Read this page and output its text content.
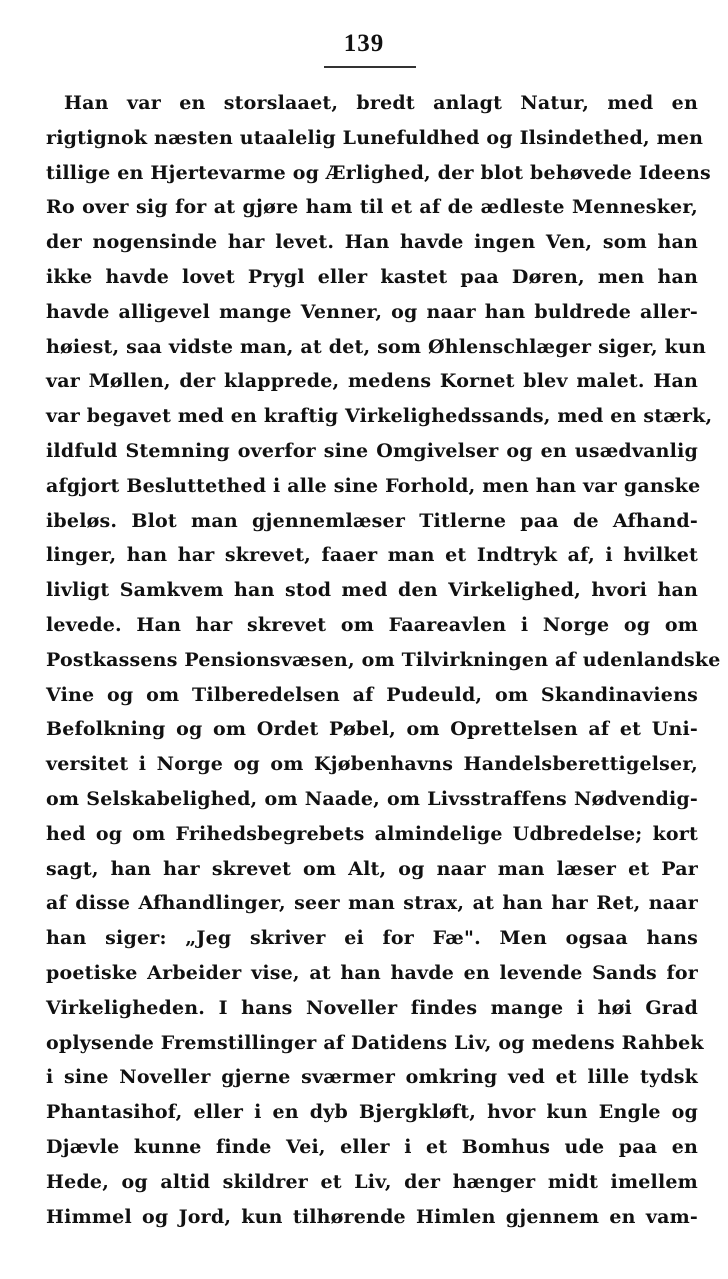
139
Han var en storslaaet, bredt anlagt Natur, med en
rigtignok næsten utaalelig Lunefuldhed og Ilsindethed, men
tillige en Hjertevarme og Ærlighed, der blot behøvede Ideens
Ro over sig for at gjøre ham til et af de ædleste Mennesker,
der nogensinde har levet. Han havde ingen Ven, som han
ikke havde lovet Prygl eller kastet paa Døren, men han
havde alligevel mange Venner, og naar han buldrede aller-
høiest, saa vidste man, at det, som Øhlenschlæger siger, kun
var Møllen, der klapprede, medens Kornet blev malet. Han
var begavet med en kraftig Virkelighedssands, med en stærk,
ildfuld Stemning overfor sine Omgivelser og en usædvanlig
afgjort Besluttethed i alle sine Forhold, men han var ganske
ibeløs. Blot man gjennemlæser Titlerne paa de Afhand-
linger, han har skrevet, faaer man et Indtryk af, i hvilket
livligt Samkvem han stod med den Virkelighed, hvori han
levede. Han har skrevet om Faareavlen i Norge og om
Postkassens Pensionsvæsen, om Tilvirkningen af udenlandske
Vine og om Tilberedelsen af Pudeuld, om Skandinaviens
Befolkning og om Ordet Pøbel, om Oprettelsen af et Uni-
versitet i Norge og om Kjøbenhavns Handelsberettigelser,
om Selskabelighed, om Naade, om Livsstraffens Nødvendig-
hed og om Frihedsbegrebets almindelige Udbredelse; kort
sagt, han har skrevet om Alt, og naar man læser et Par
af disse Afhandlinger, seer man strax, at han har Ret, naar
han siger: „Jeg skriver ei for Fæ". Men ogsaa hans
poetiske Arbeider vise, at han havde en levende Sands for
Virkeligheden. I hans Noveller findes mange i høi Grad
oplysende Fremstillinger af Datidens Liv, og medens Rahbek
i sine Noveller gjerne sværmer omkring ved et lille tydsk
Phantasihof, eller i en dyb Bjergkløft, hvor kun Engle og
Djævle kunne finde Vei, eller i et Bomhus ude paa en
Hede, og altid skildrer et Liv, der hænger midt imellem
Himmel og Jord, kun tilhørende Himlen gjennem en vam-
